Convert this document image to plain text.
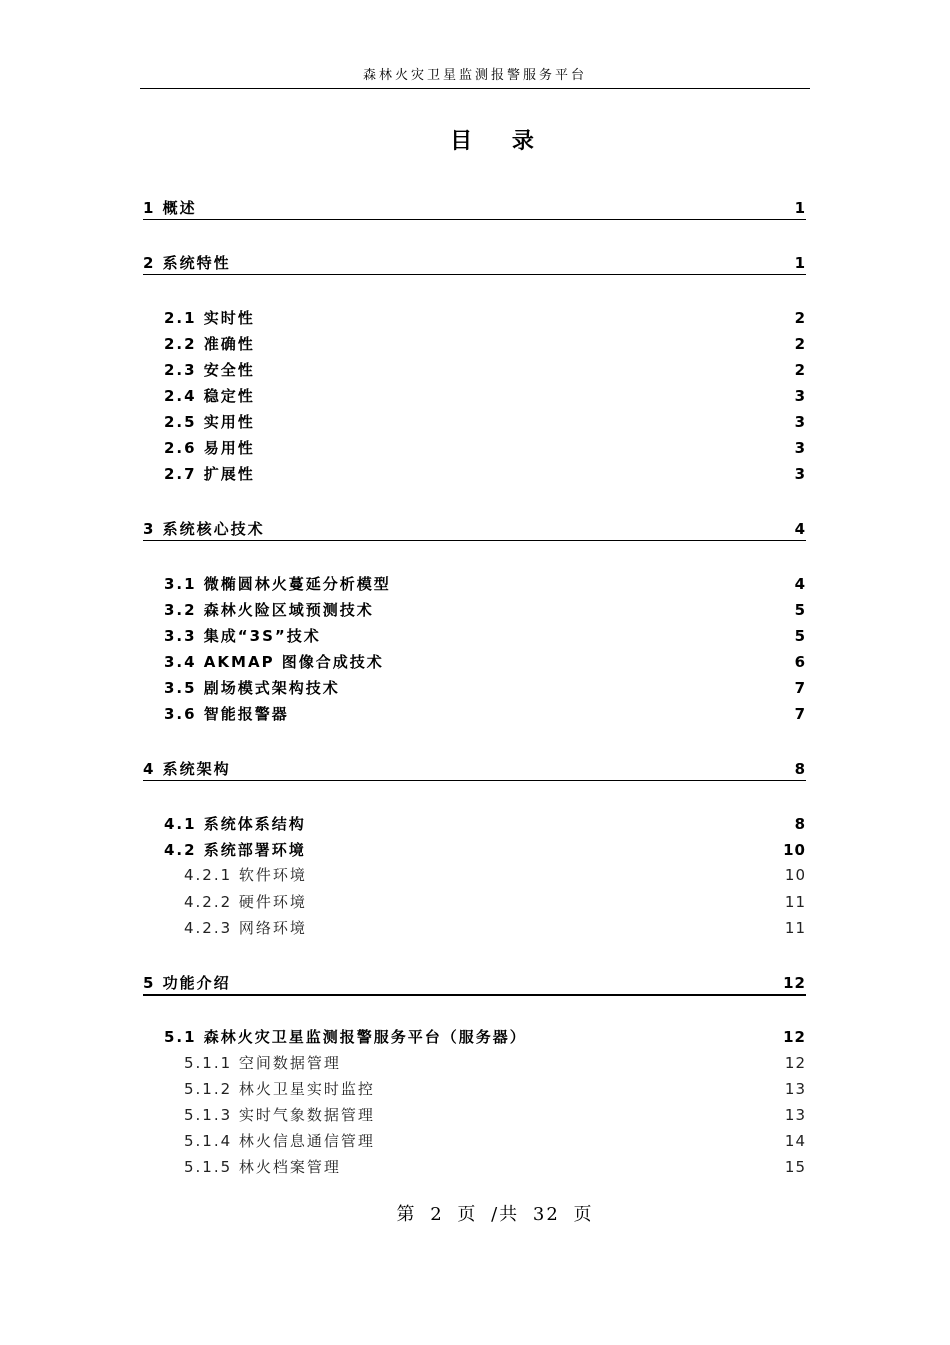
森林火灾卫星监测报警服务平台
目 录
1 概述	1
2 系统特性	1
2.1 实时性	2
2.2 准确性	2
2.3 安全性	2
2.4 稳定性	3
2.5 实用性	3
2.6 易用性	3
2.7 扩展性	3
3 系统核心技术	4
3.1 微椭圆林火蔓延分析模型	4
3.2 森林火险区域预测技术	5
3.3 集成“3S”技术	5
3.4 AKMAP 图像合成技术	6
3.5 剧场模式架构技术	7
3.6 智能报警器	7
4 系统架构	8
4.1 系统体系结构	8
4.2 系统部署环境	10
4.2.1 软件环境	10
4.2.2 硬件环境	11
4.2.3 网络环境	11
5 功能介绍	12
5.1 森林火灾卫星监测报警服务平台（服务器）	12
5.1.1 空间数据管理	12
5.1.2 林火卫星实时监控	13
5.1.3 实时气象数据管理	13
5.1.4 林火信息通信管理	14
5.1.5 林火档案管理	15
第 2 页 /共 32 页
